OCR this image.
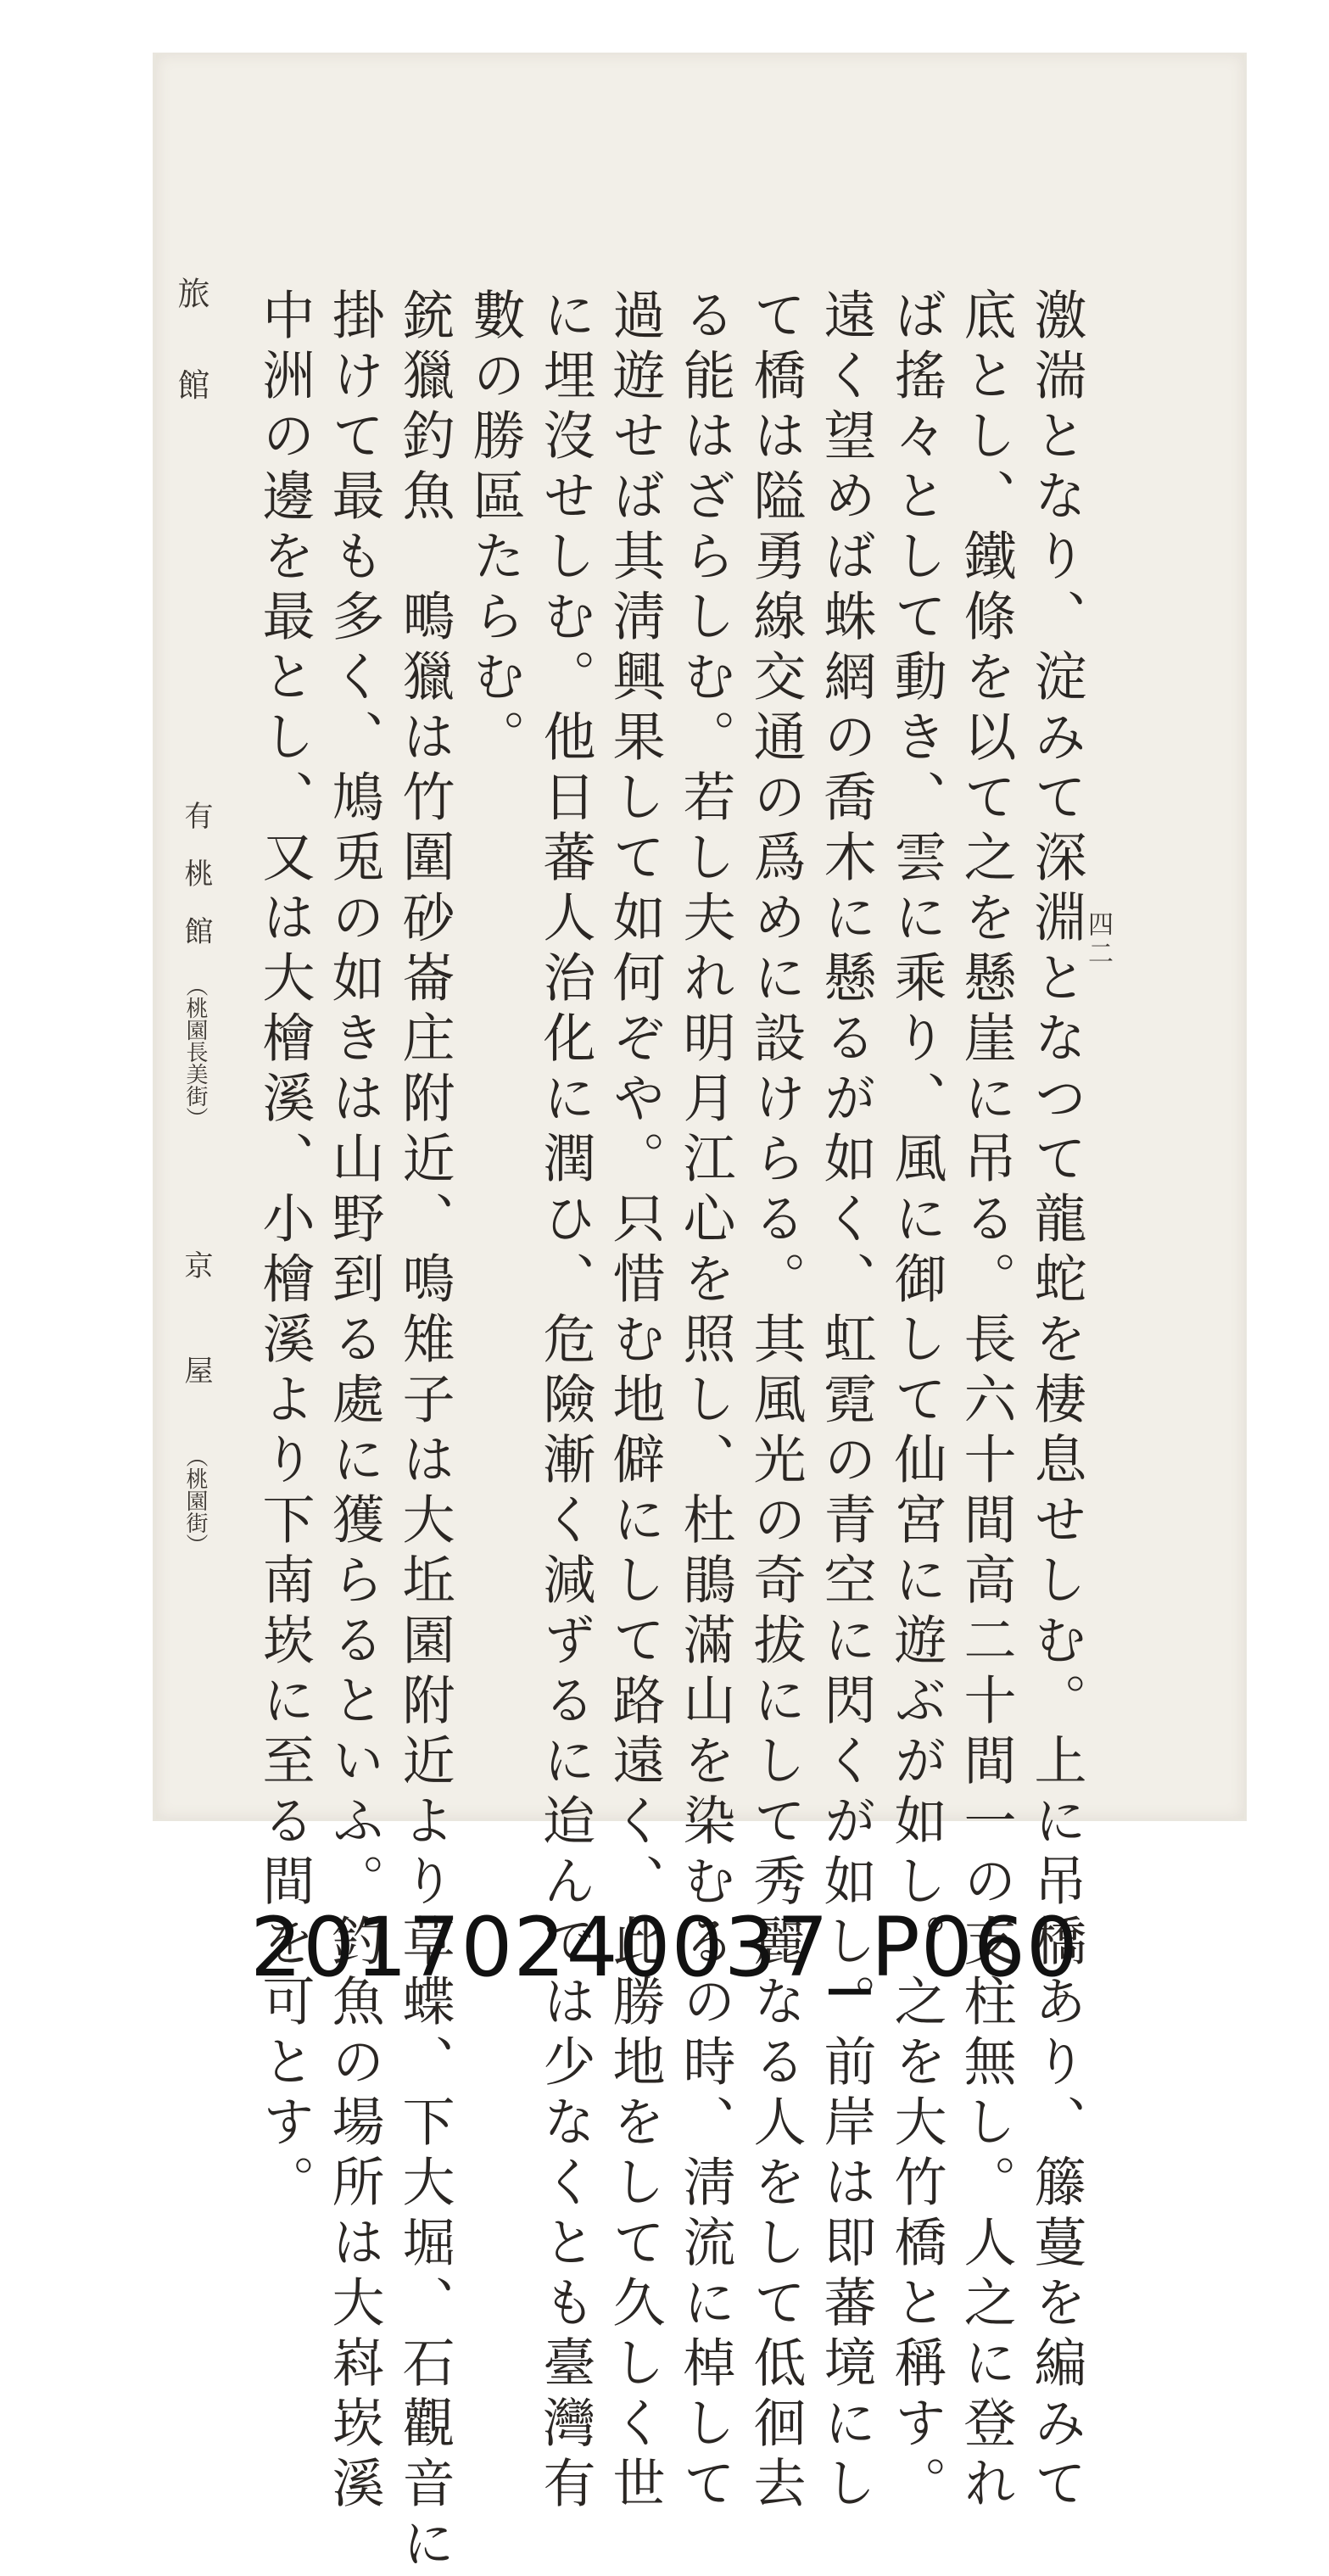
四二
激湍となり、淀みて深淵となつて龍蛇を棲息せしむ。上に吊橋あり、籐蔓を編みて
底とし、鐵條を以て之を懸崖に吊る。長六十間高二十間一の支柱無し。人之に登れ
ば搖々として動き、雲に乘り、風に御して仙宮に遊ぶが如し。之を大竹橋と稱す。
遠く望めば蛛網の喬木に懸るが如く、虹霓の青空に閃くが如し。前岸は即蕃境にし
て橋は隘勇線交通の爲めに設けらる。其風光の奇拔にして秀麗なる人をして低徊去
る能はざらしむ。若し夫れ明月江心を照し、杜鵑滿山を染むるの時、淸流に棹して
過遊せば其淸興果して如何ぞや。只惜む地僻にして路遠く、此勝地をして久しく世
に埋沒せしむ。他日蕃人治化に潤ひ、危險漸く減ずるに迨んでは少なくとも臺灣有
數の勝區たらむ。
銃獵釣魚　鴫獵は竹圍砂崙庄附近、鳴雉子は大坵園附近より草蝶、下大堀、石觀音に
掛けて最も多く、鳩兎の如きは山野到る處に獲らるといふ。釣魚の場所は大嵙崁溪
中洲の邊を最とし、又は大檜溪、小檜溪より下南崁に至る間を可とす。
旅館
有桃館
（桃園長美街）
京屋
（桃園街）
20170240037_P060
